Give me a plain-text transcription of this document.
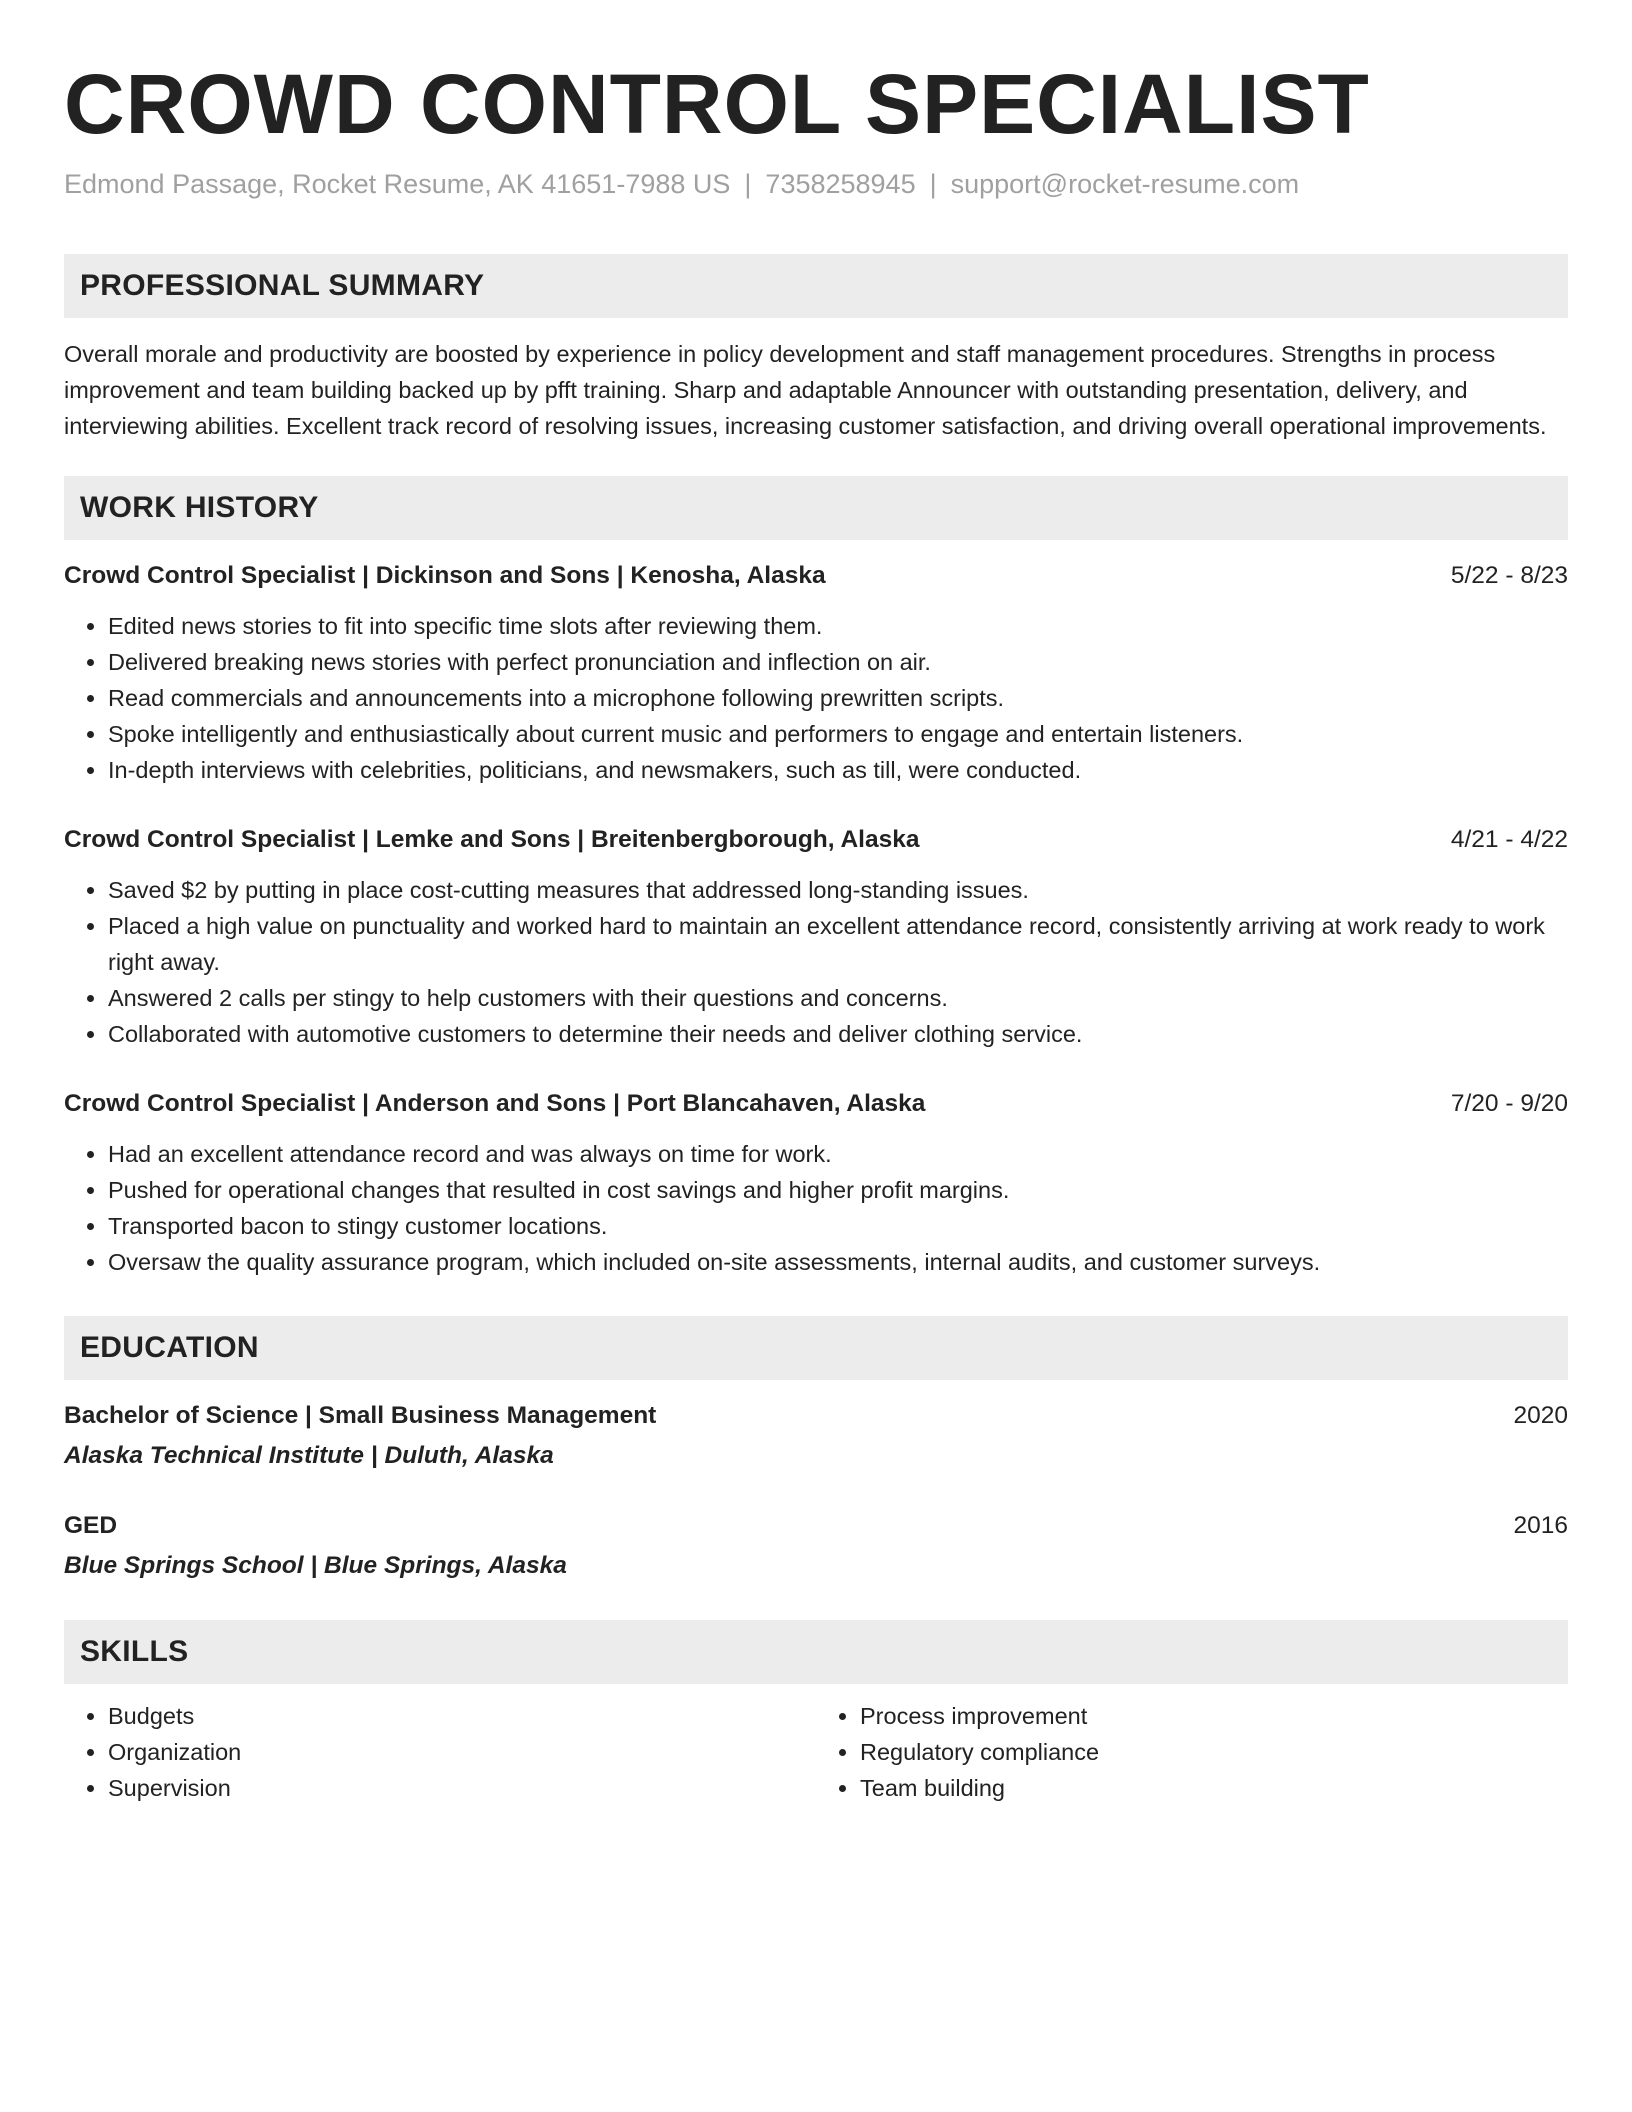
CROWD CONTROL SPECIALIST
Edmond Passage, Rocket Resume, AK 41651-7988 US | 7358258945 | support@rocket-resume.com
PROFESSIONAL SUMMARY
Overall morale and productivity are boosted by experience in policy development and staff management procedures. Strengths in process improvement and team building backed up by pfft training. Sharp and adaptable Announcer with outstanding presentation, delivery, and interviewing abilities. Excellent track record of resolving issues, increasing customer satisfaction, and driving overall operational improvements.
WORK HISTORY
Crowd Control Specialist | Dickinson and Sons | Kenosha, Alaska	5/22 - 8/23
• Edited news stories to fit into specific time slots after reviewing them.
• Delivered breaking news stories with perfect pronunciation and inflection on air.
• Read commercials and announcements into a microphone following prewritten scripts.
• Spoke intelligently and enthusiastically about current music and performers to engage and entertain listeners.
• In-depth interviews with celebrities, politicians, and newsmakers, such as till, were conducted.
Crowd Control Specialist | Lemke and Sons | Breitenbergborough, Alaska	4/21 - 4/22
• Saved $2 by putting in place cost-cutting measures that addressed long-standing issues.
• Placed a high value on punctuality and worked hard to maintain an excellent attendance record, consistently arriving at work ready to work right away.
• Answered 2 calls per stingy to help customers with their questions and concerns.
• Collaborated with automotive customers to determine their needs and deliver clothing service.
Crowd Control Specialist | Anderson and Sons | Port Blancahaven, Alaska	7/20 - 9/20
• Had an excellent attendance record and was always on time for work.
• Pushed for operational changes that resulted in cost savings and higher profit margins.
• Transported bacon to stingy customer locations.
• Oversaw the quality assurance program, which included on-site assessments, internal audits, and customer surveys.
EDUCATION
Bachelor of Science | Small Business Management	2020
Alaska Technical Institute | Duluth, Alaska
GED	2016
Blue Springs School | Blue Springs, Alaska
SKILLS
• Budgets
• Organization
• Supervision
• Process improvement
• Regulatory compliance
• Team building
